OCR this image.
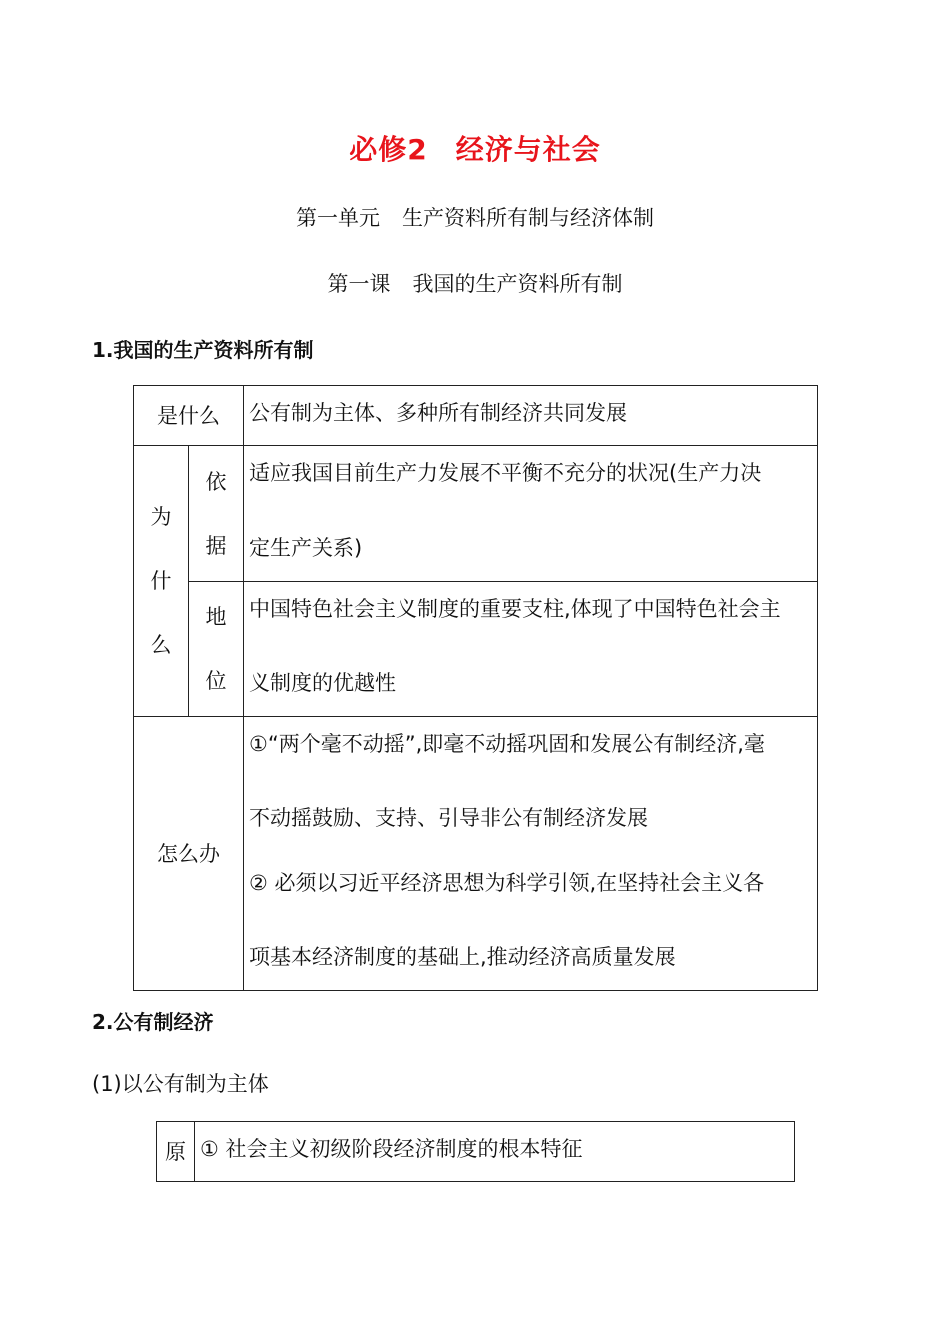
必修2 经济与社会
第一单元 生产资料所有制与经济体制
第一课 我国的生产资料所有制
1.我国的生产资料所有制
是什么	公有制为主体、多种所有制经济共同发展
为
什
么
依
据
适应我国目前生产力发展不平衡不充分的状况(生产力决
定生产关系)
地
位
中国特色社会主义制度的重要支柱,体现了中国特色社会主
义制度的优越性
怎么办
①“两个毫不动摇”,即毫不动摇巩固和发展公有制经济,毫
不动摇鼓励、支持、引导非公有制经济发展
② 必须以习近平经济思想为科学引领,在坚持社会主义各
项基本经济制度的基础上,推动经济高质量发展
2.公有制经济
(1)以公有制为主体
原 ① 社会主义初级阶段经济制度的根本特征
